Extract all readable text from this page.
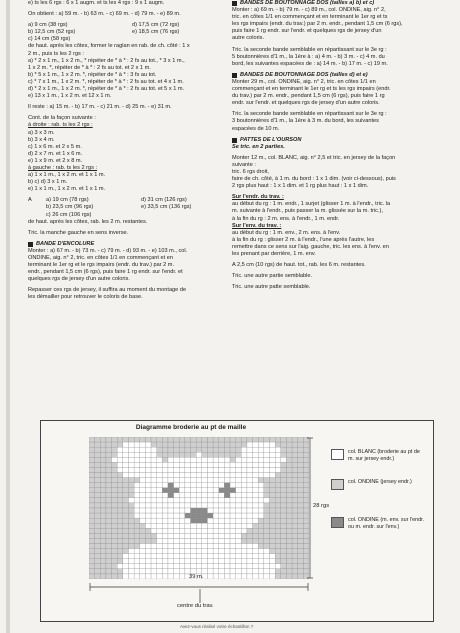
e) ts les 6 rgs : 6 x 1 augm. et ts les 4 rgs : 9 x 1 augm.
On obtient : a) 59 m. - b) 63 m. - c) 69 m. - d) 79 m. - e) 89 m.
a) 9 cm (38 rgs)
b) 12,5 cm (52 rgs)
c) 14 cm (58 rgs)
d) 17,5 cm (72 rgs)
e) 18,5 cm (76 rgs)
de haut. après les côtes, former le raglan en rab. de ch. côté : 1 x
2 m., puis ts les 2 rgs :
a) * 2 x 1 m., 1 x 2 m., * répéter de * à * : 2 fs au tot., * 3 x 1 m.,
1 x 2 m. *, répéter de * à * : 2 fs au tot. et 2 x 1 m.
b) * 5 x 1 m., 1 x 2 m. *, répéter de * à * : 3 fs au tot.
c) * 7 x 1 m., 1 x 2 m. *, répéter de * à * : 2 fs au tot. et 4 x 1 m.
d) * 2 x 1 m., 1 x 2 m. *, répéter de * à * : 2 fs au tot. et 5 x 1 m.
e) 13 x 1 m., 1 x 2 m. et 12 x 1 m.
Il reste : a) 15 m. - b) 17 m. - c) 21 m. - d) 25 m. - e) 31 m.
Cont. de la façon suivante :
à droite : rab. ts les 2 rgs :
a) 3 x 3 m.
b) 3 x 4 m.
c) 1 x 6 m. et 2 x 5 m.
d) 2 x 7 m. et 1 x 6 m.
e) 1 x 9 m. et 2 x 8 m.
à gauche : rab. ts les 2 rgs :
a) 1 x 1 m., 1 x 2 m. et 1 x 1 m.
b) c) d) 3 x 1 m.
e) 1 x 1 m., 1 x 2 m. et 1 x 1 m.
A	a) 19 cm (78 rgs)
b) 23,5 cm (96 rgs)
c) 26 cm (106 rgs)
d) 31 cm (126 rgs)
e) 33,5 cm (136 rgs)
de haut. après les côtes, rab. les 2 m. restantes.
Tric. la manche gauche en sens inverse.
BANDE D'ENCOLURE
Monter : a) 67 m. - b) 73 m. - c) 79 m. - d) 93 m. - e) 103 m., col.
ONDINE, aig. n° 2, tric. en côtes 1/1 en commençant et en
terminant le 1er rg et le rgs impairs (endr. du trav.) par 2 m.
endr., pendant 1,5 cm (6 rgs), puis faire 1 rg endr. sur l'endr. et
quelques rgs de jersey d'un autre coloris.
Repasser ces rgs de jersey, il suffira au moment du montage de
les démailler pour retrouver le coloris de base.
BANDES DE BOUTONNAGE DOS (tailles a) b) et c)
Monter : a) 69 m. - b) 79 m. - c) 89 m., col. ONDINE, aig. n° 2,
tric. en côtes 1/1 en commençant et en terminant le 1er rg et ts
les rgs impairs (endr. du trav.) par 2 m. endr., pendant 1,5 cm (6 rgs),
puis faire 1 rg endr. sur l'endr. et quelques rgs de jersey d'un
autre coloris.
Tric. la seconde bande semblable en répartissant sur le 3e rg :
5 boutonnières d'1 m., la 1ère à : a) 4 m. - b) 3 m. - c) 4 m. du
bord, les suivantes espacées de : a) 14 m. - b) 17 m. - c) 19 m.
BANDES DE BOUTONNAGE DOS (tailles d) et e)
Monter 29 m., col. ONDINE, aig. n° 2, tric. en côtes 1/1 en
commençant et en terminant le 1er rg et ts les rgs impairs (endr.
du trav.) par 2 m. endr., pendant 1,5 cm (6 rgs), puis faire 1 rg
endr. sur l'endr. et quelques rgs de jersey d'un autre coloris.
Tric. la seconde bande semblable en répartissant sur le 3e rg :
3 boutonnières d'1 m., la 1ère à 3 m. du bord, les suivantes
espacées de 10 m.
PATTES DE L'OURSON
Se tric. en 2 parties.
Monter 12 m., col. BLANC, aig. n° 2,5 et tric. en jersey de la façon
suivante :
tric. 6 rgs droit,
faire de ch. côté, à 1 m. du bord : 1 x 1 dim. (voir ci-dessous), puis
2 rgs plus haut : 1 x 1 dim. et 1 rg plus haut : 1 x 1 dim.
Sur l'endr. du trav. :
au début du rg : 1 m. endr., 1 surjet (glisser 1 m. à l'endr., tric. la
m. suivante à l'endr., puis passer la m. glissée sur la m. tric.),
à la fin du rg : 2 m. ens. à l'endr., 1 m. endr.
Sur l'env. du trav. :
au début du rg : 1 m. env., 2 m. ens. à l'env.
à la fin du rg : glisser 2 m. à l'endr., l'une après l'autre, les
remettre dans ce sens sur l'aig. gauche, tric. les ens. à l'env. en
les prenant par derrière, 1 m. env.
A 2,5 cm (10 rgs) de haut. tot., rab. les 6 m. restantes.
Tric. une autre partie semblable.
Tric. une autre patte semblable.
Diagramme broderie au pt de maille
col. BLANC (broderie au pt de m. sur jersey endr.)
col. ONDINE (jersey endr.)
col. ONDINE (m. env. sur l'endr. ou m. endr. sur l'env.)
28 rgs
39 m.
centre du trav.
Avez-vous réalisé votre échantillon ?
